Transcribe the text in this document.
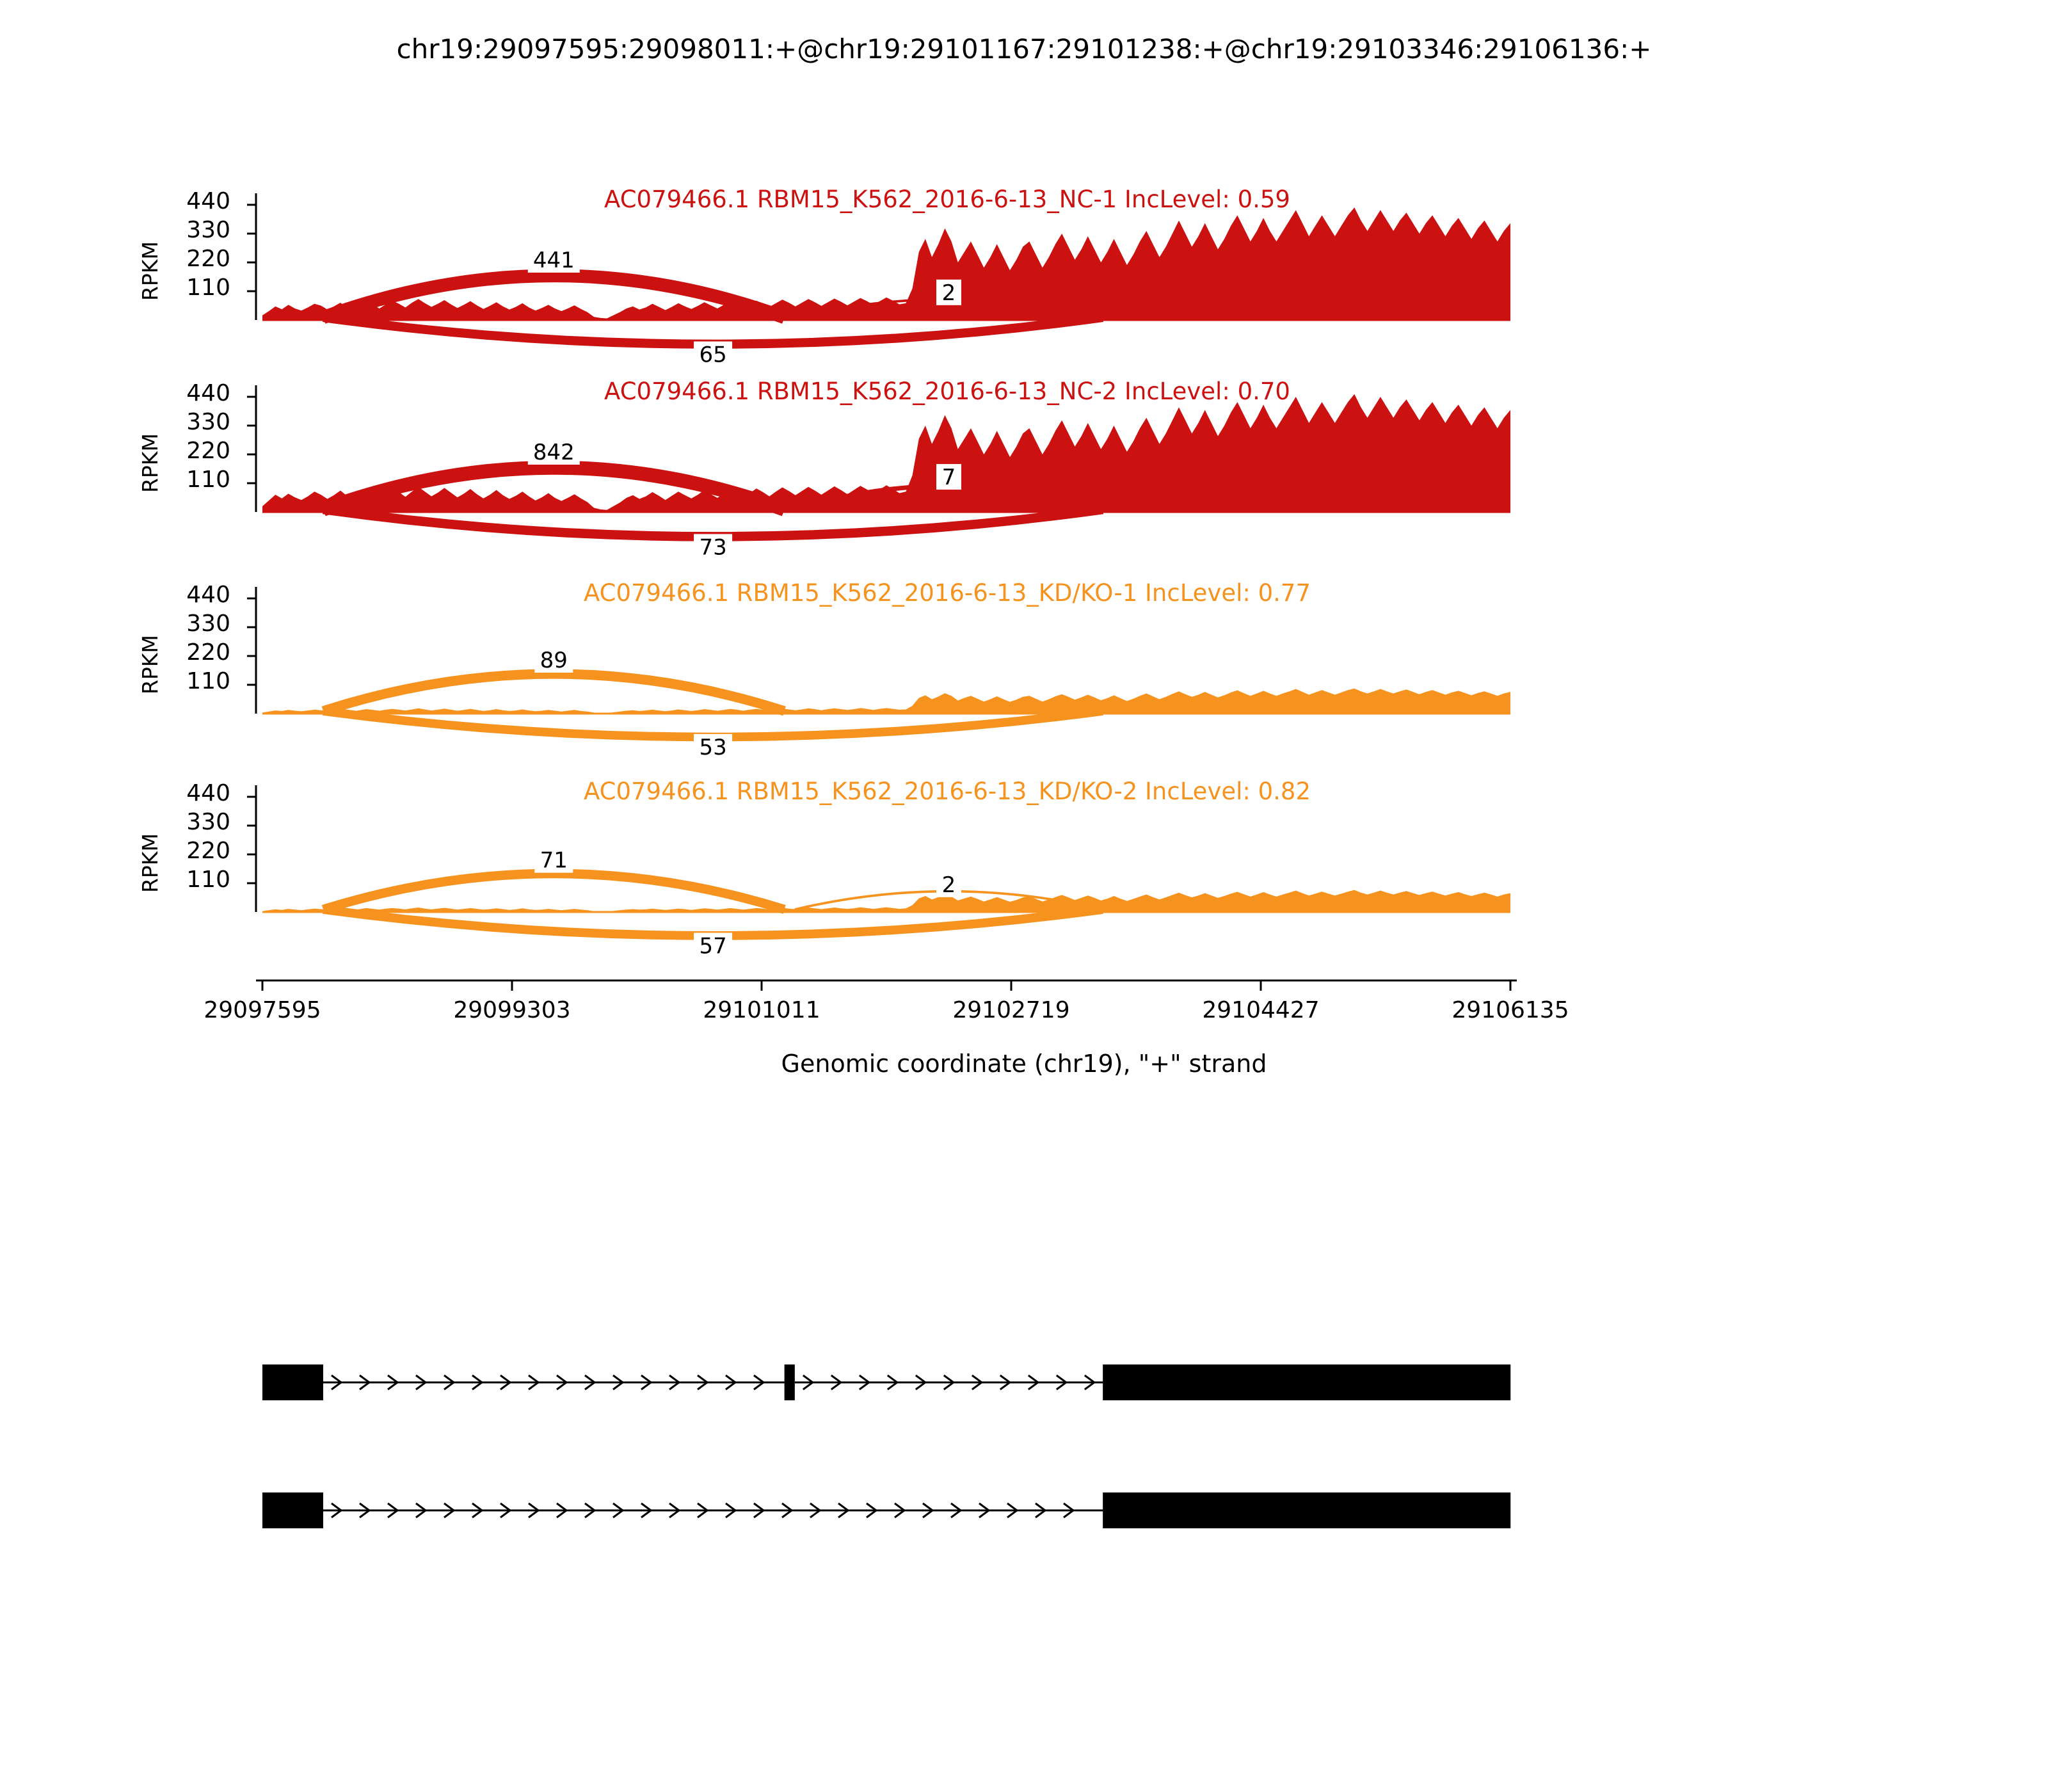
chr19:29097595:29098011:+@chr19:29101167:29101238:+@chr19:29103346:29106136:+
AC079466.1 RBM15_K562_2016-6-13_NC-1 IncLevel: 0.59
RPKM
440
330
220
110
441
2
65
AC079466.1 RBM15_K562_2016-6-13_NC-2 IncLevel: 0.70
RPKM
440
330
220
110
842
7
73
AC079466.1 RBM15_K562_2016-6-13_KD/KO-1 IncLevel: 0.77
RPKM
440
330
220
110
89
53
AC079466.1 RBM15_K562_2016-6-13_KD/KO-2 IncLevel: 0.82
RPKM
440
330
220
110
71
57
2
29097595	29099303	29101011	29102719	29104427	29106135
Genomic coordinate (chr19), "+" strand
